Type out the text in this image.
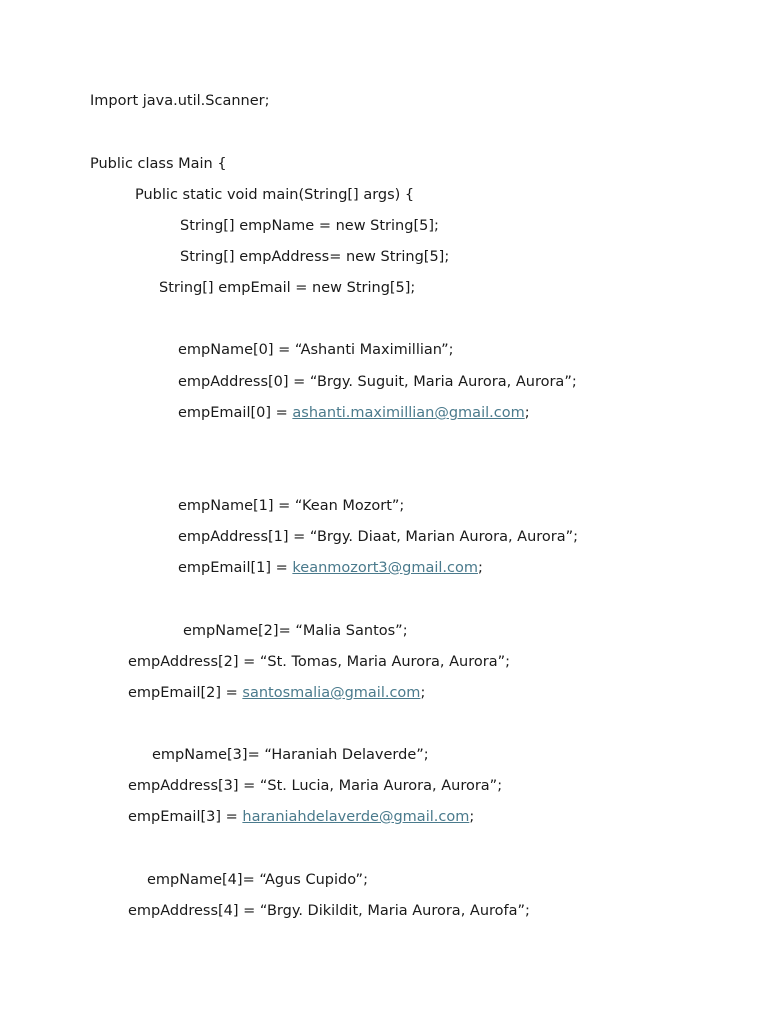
Import java.util.Scanner;
Public class Main {
Public static void main(String[] args) {
String[] empName = new String[5];
String[] empAddress= new String[5];
String[] empEmail = new String[5];
empName[0] = “Ashanti Maximillian”;
empAddress[0] = “Brgy. Suguit, Maria Aurora, Aurora”;
empEmail[0] = ashanti.maximillian@gmail.com;
empName[1] = “Kean Mozort”;
empAddress[1] = “Brgy. Diaat, Marian Aurora, Aurora”;
empEmail[1] = keanmozort3@gmail.com;
empName[2]= “Malia Santos”;
empAddress[2] = “St. Tomas, Maria Aurora, Aurora”;
empEmail[2] = santosmalia@gmail.com;
empName[3]= “Haraniah Delaverde”;
empAddress[3] = “St. Lucia, Maria Aurora, Aurora”;
empEmail[3] = haraniahdelaverde@gmail.com;
empName[4]= “Agus Cupido”;
empAddress[4] = “Brgy. Dikildit, Maria Aurora, Aurofa”;
